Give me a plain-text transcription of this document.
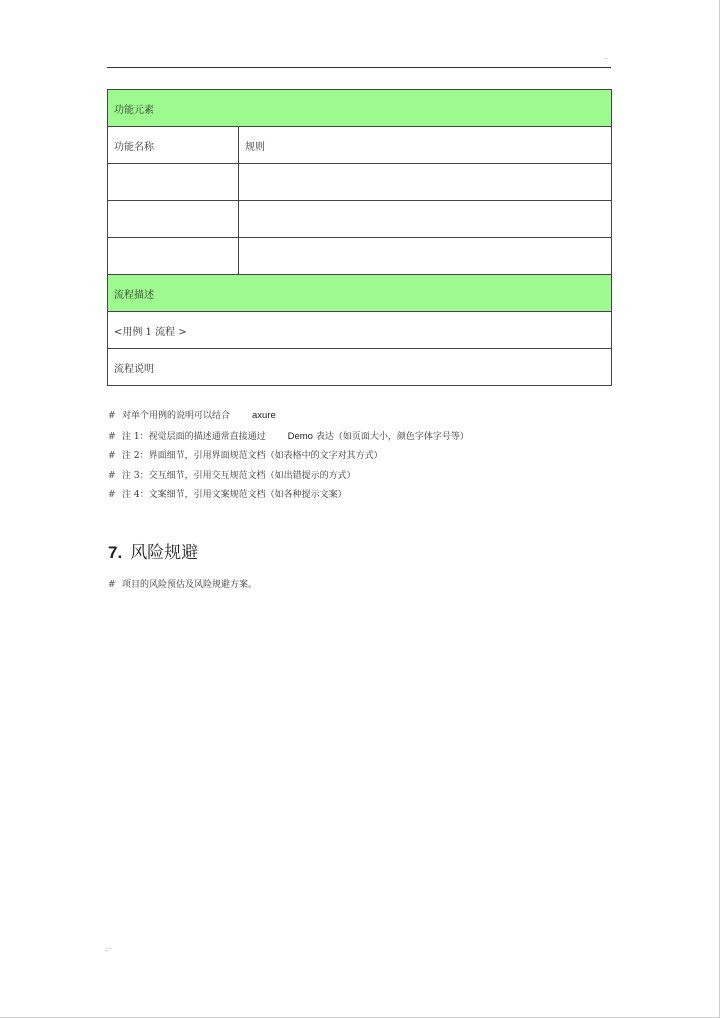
··
功能元素	
功能名称	规则

流程描述	
<用例 1 流程 >	
流程说明	
# 对单个用例的说明可以结合 axure
# 注 1：视觉层面的描述通常直接通过 Demo 表达（如页面大小，颜色字体字号等）
# 注 2：界面细节，引用界面规范文档（如表格中的文字对其方式）
# 注 3：交互细节，引用交互规范文档（如出错提示的方式）
# 注 4：文案细节，引用文案规范文档（如各种提示文案）
7. 风险规避
# 项目的风险预估及风险规避方案。
;··
